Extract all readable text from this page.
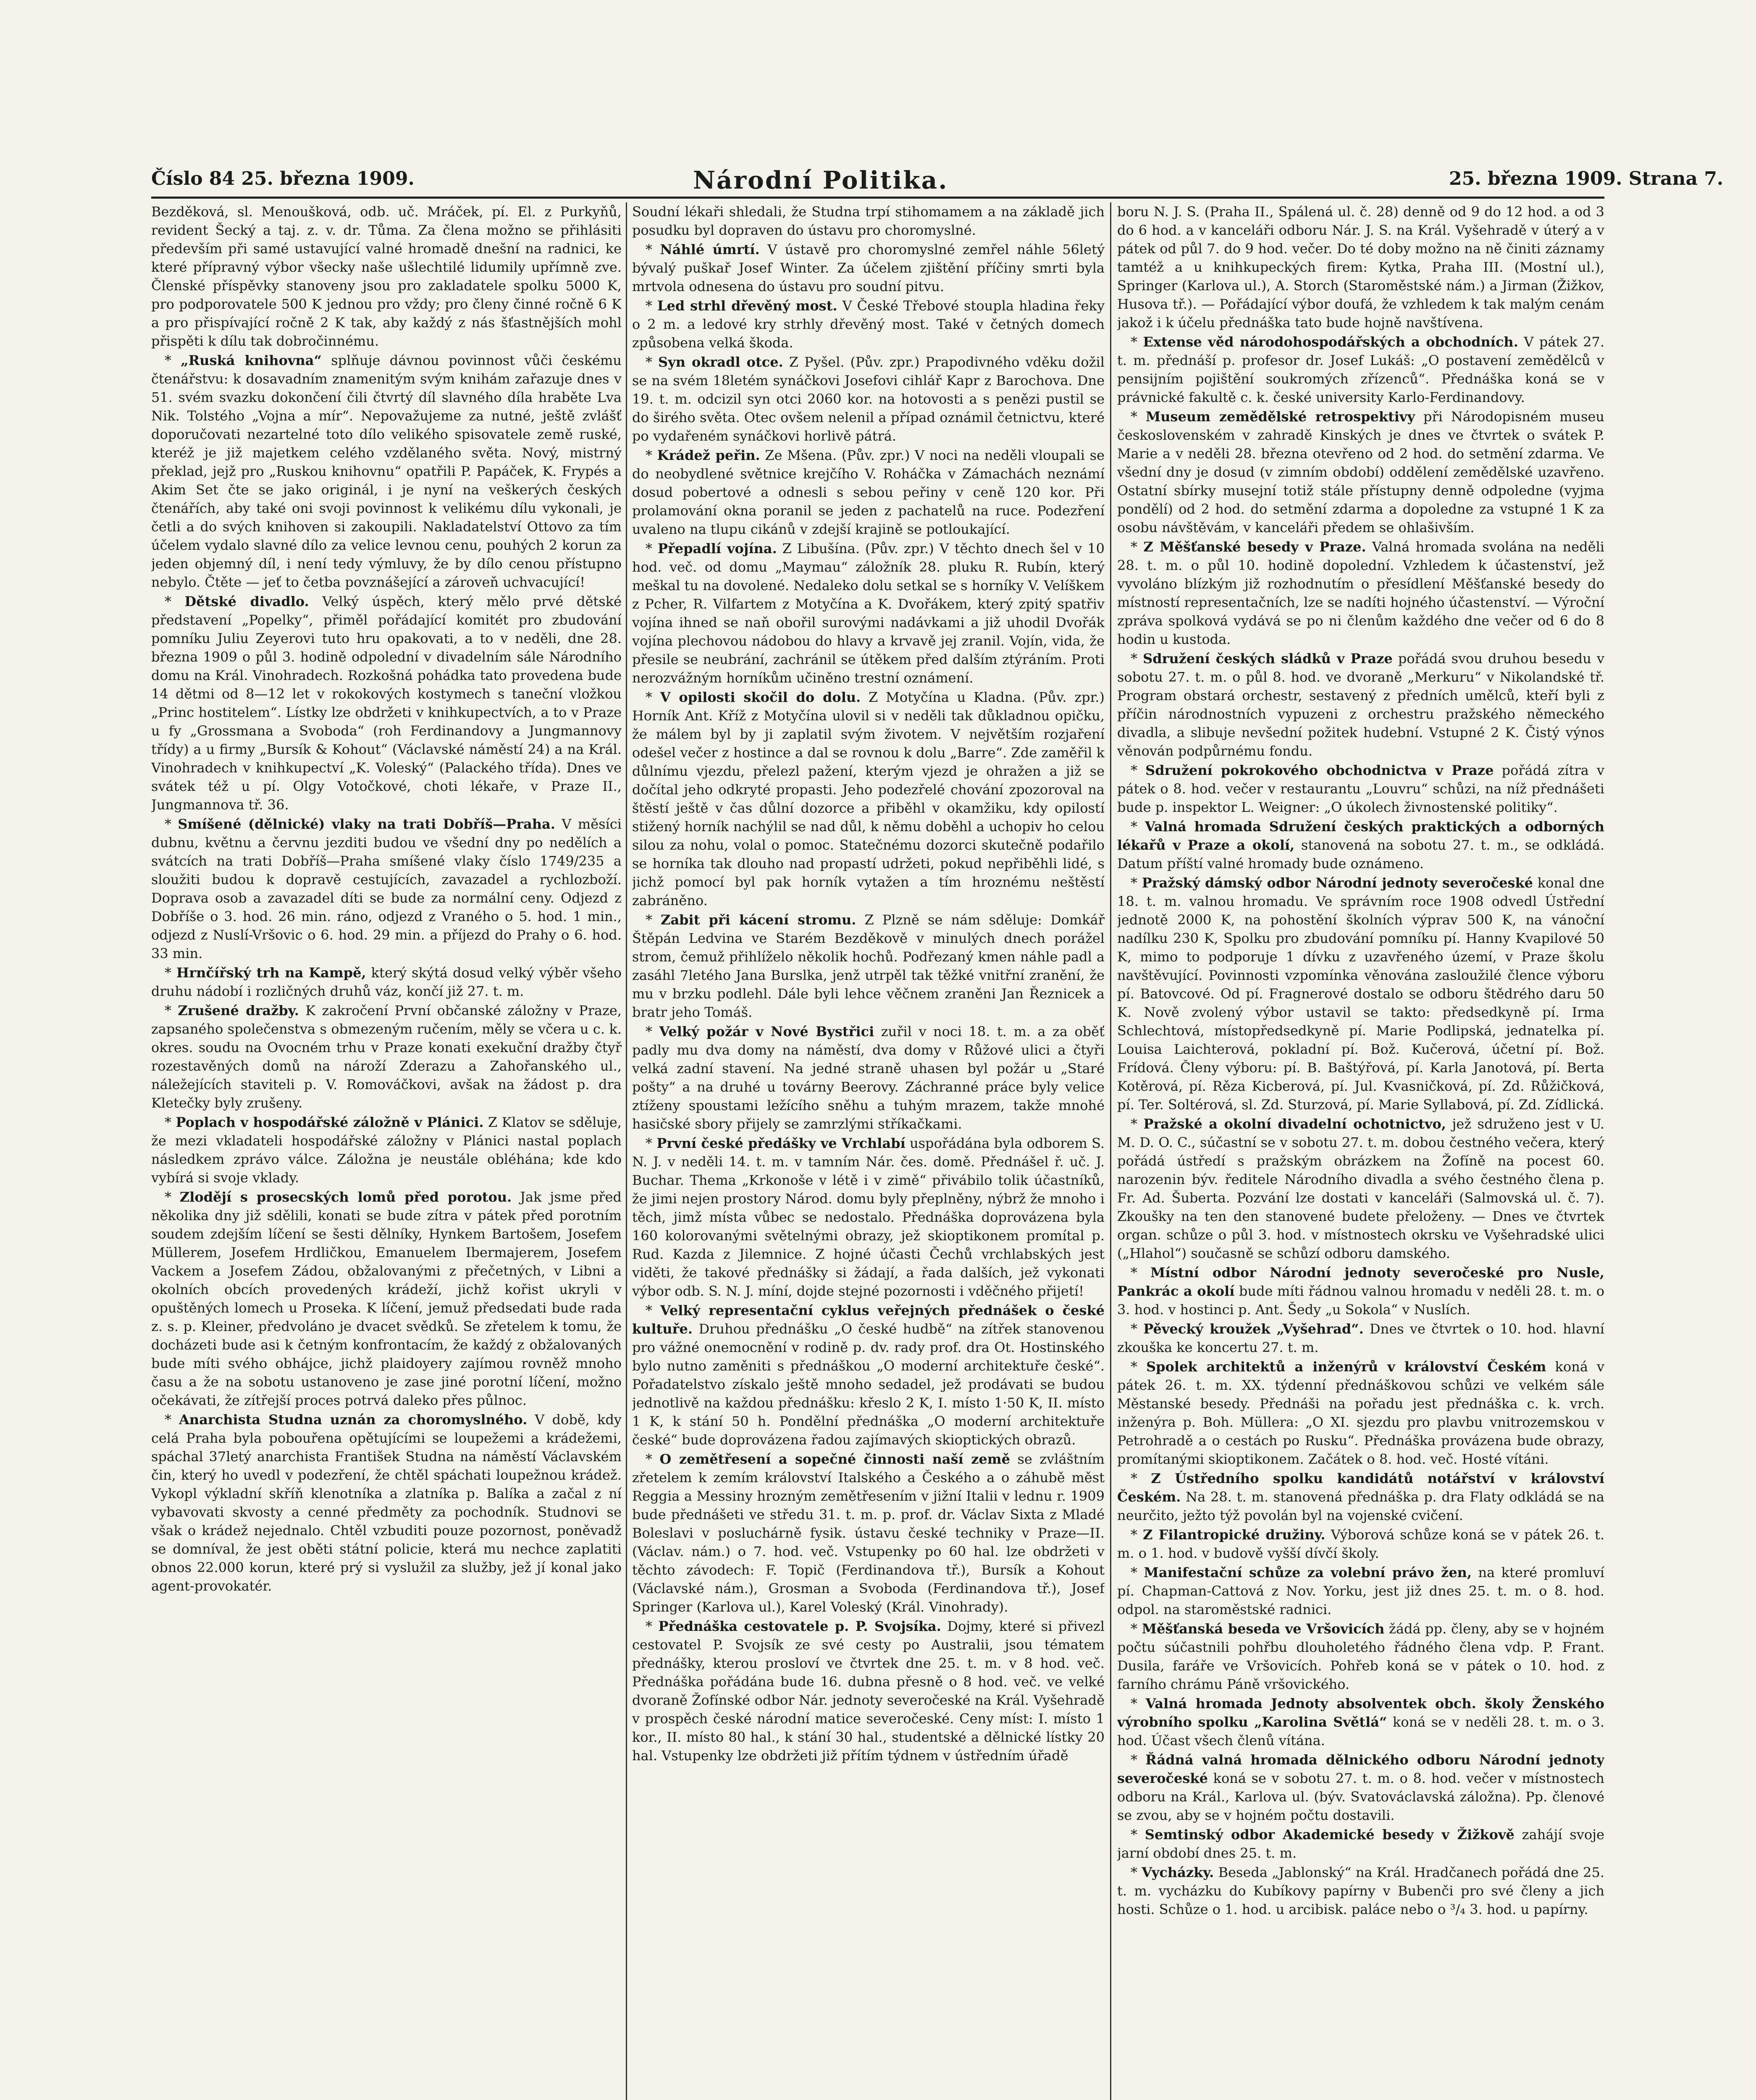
Číslo 84 25. března 1909.	Národní Politika.	25. března 1909. Strana 7.

Bezděková, sl. Menoušková, odb. uč. Mráček, pí. El. z Purkyňů, revident Šecký a taj. z. v. dr. Tůma. Za člena možno se přihlásiti především při samé ustavující valné hromadě dnešní na radnici, ke které přípravný výbor všecky naše ušlechtilé lidumily upřímně zve. Členské příspěvky stanoveny jsou pro zakladatele spolku 5000 K, pro podporovatele 500 K jednou pro vždy; pro členy činné ročně 6 K a pro přispívající ročně 2 K tak, aby každý z nás šťastnějších mohl přispěti k dílu tak dobročinnému.

* „Ruská knihovna“ splňuje dávnou povinnost vůči českému čtenářstvu: k dosavadním znamenitým svým knihám zařazuje dnes v 51. svém svazku dokončení čili čtvrtý díl slavného díla hraběte Lva Nik. Tolstého „Vojna a mír“. Nepovažujeme za nutné, ještě zvlášť doporučovati nezartelné toto dílo velikého spisovatele země ruské, kteréž je již majetkem celého vzdělaného světa. Nový, mistrný překlad, jejž pro „Ruskou knihovnu“ opatřili P. Papáček, K. Frypés a Akim Set čte se jako originál, i je nyní na veškerých českých čtenářích, aby také oni svoji povinnost k velikému dílu vykonali, je četli a do svých knihoven si zakoupili. Nakladatelství Ottovo za tím účelem vydalo slavné dílo za velice levnou cenu, pouhých 2 korun za jeden objemný díl, i není tedy výmluvy, že by dílo cenou přístupno nebylo. Čtěte — jeť to četba povznášející a zároveň uchvacující!

* Dětské divadlo. Velký úspěch, který mělo prvé dětské představení „Popelky“, přiměl pořádající komitét pro zbudování pomníku Juliu Zeyerovi tuto hru opakovati, a to v neděli, dne 28. března 1909 o půl 3. hodině odpolední v divadelním sále Národního domu na Král. Vinohradech. Rozkošná pohádka tato provedena bude 14 dětmi od 8—12 let v rokokových kostymech s taneční vložkou „Princ hostitelem“. Lístky lze obdržeti v knihkupectvích, a to v Praze u fy „Grossmana a Svoboda“ (roh Ferdinandovy a Jungmannovy třídy) a u firmy „Bursík & Kohout“ (Václavské náměstí 24) a na Král. Vinohradech v knihkupectví „K. Voleský“ (Palackého třída). Dnes ve svátek též u pí. Olgy Votočkové, choti lékaře, v Praze II., Jungmannova tř. 36.

* Smíšené (dělnické) vlaky na trati Dobříš—Praha. V měsíci dubnu, květnu a červnu jezditi budou ve všední dny po nedělích a svátcích na trati Dobříš—Praha smíšené vlaky číslo 1749/235 a sloužiti budou k dopravě cestujících, zavazadel a rychlozboží. Doprava osob a zavazadel díti se bude za normální ceny. Odjezd z Dobříše o 3. hod. 26 min. ráno, odjezd z Vraného o 5. hod. 1 min., odjezd z Nuslí-Vršovic o 6. hod. 29 min. a příjezd do Prahy o 6. hod. 33 min.

* Hrnčířský trh na Kampě, který skýtá dosud velký výběr všeho druhu nádobí i rozličných druhů váz, končí již 27. t. m.

* Zrušené dražby. K zakročení První občanské záložny v Praze, zapsaného společenstva s obmezeným ručením, měly se včera u c. k. okres. soudu na Ovocném trhu v Praze konati exekuční dražby čtyř rozestavěných domů na nároží Zderazu a Zahořanského ul., náležejících staviteli p. V. Romováčkovi, avšak na žádost p. dra Kletečky byly zrušeny.

* Poplach v hospodářské záložně v Plánici. Z Klatov se sděluje, že mezi vkladateli hospodářské záložny v Plánici nastal poplach následkem zprávo válce. Záložna je neustále obléhána; kde kdo vybírá si svoje vklady.

* Zlodějí s prosecských lomů před porotou. Jak jsme před několika dny již sdělili, konati se bude zítra v pátek před porotním soudem zdejším líčení se šesti dělníky, Hynkem Bartošem, Josefem Müllerem, Josefem Hrdličkou, Emanuelem Ibermajerem, Josefem Vackem a Josefem Zádou, obžalovanými z přečetných, v Libni a okolních obcích provedených krádeží, jichž kořist ukryli v opuštěných lomech u Proseka. K líčení, jemuž předsedati bude rada z. s. p. Kleiner, předvoláno je dvacet svědků. Se zřetelem k tomu, že docházeti bude asi k četným konfrontacím, že každý z obžalovaných bude míti svého obhájce, jichž plaidoyery zajímou rovněž mnoho času a že na sobotu ustanoveno je zase jiné porotní líčení, možno očekávati, že zítřejší proces potrvá daleko přes půlnoc.

* Anarchista Studna uznán za choromyslného. V době, kdy celá Praha byla pobouřena opětujícími se loupežemi a krádežemi, spáchal 37letý anarchista František Studna na náměstí Václavském čin, který ho uvedl v podezření, že chtěl spáchati loupežnou krádež. Vykopl výkladní skříň klenotníka a zlatníka p. Balíka a začal z ní vybavovati skvosty a cenné předměty za pochodník. Studnovi se však o krádež nejednalo. Chtěl vzbuditi pouze pozornost, poněvadž se domníval, že jest oběti státní policie, která mu nechce zaplatiti obnos 22.000 korun, které prý si vyslužil za služby, jež jí konal jako agent-provokatér.

Soudní lékaři shledali, že Studna trpí stihomamem a na základě jich posudku byl dopraven do ústavu pro choromyslné.

* Náhlé úmrtí. V ústavě pro choromyslné zemřel náhle 56letý bývalý puškař Josef Winter. Za účelem zjištění příčiny smrti byla mrtvola odnesena do ústavu pro soudní pitvu.

* Led strhl dřevěný most. V České Třebové stoupla hladina řeky o 2 m. a ledové kry strhly dřevěný most. Také v četných domech způsobena velká škoda.

* Syn okradl otce. Z Pyšel. (Pův. zpr.) Prapodivného vděku dožil se na svém 18letém synáčkovi Josefovi cihlář Kapr z Barochova. Dne 19. t. m. odcizil syn otci 2060 kor. na hotovosti a s penězi pustil se do širého světa. Otec ovšem nelenil a případ oznámil četnictvu, které po vydařeném synáčkovi horlivě pátrá.

* Krádež peřin. Ze Mšena. (Pův. zpr.) V noci na neděli vloupali se do neobydlené světnice krejčího V. Roháčka v Zámachách neznámí dosud pobertové a odnesli s sebou peřiny v ceně 120 kor. Při prolamování okna poranil se jeden z pachatelů na ruce. Podezření uvaleno na tlupu cikánů v zdejší krajině se potloukající.

* Přepadlí vojína. Z Libušína. (Pův. zpr.) V těchto dnech šel v 10 hod. več. od domu „Maymau“ záložník 28. pluku R. Rubín, který meškal tu na dovolené. Nedaleko dolu setkal se s horníky V. Velíškem z Pcher, R. Vilfartem z Motyčína a K. Dvořákem, který zpitý spatřiv vojína ihned se naň obořil surovými nadávkami a již uhodil Dvořák vojína plechovou nádobou do hlavy a krvavě jej zranil. Vojín, vida, že přesile se neubrání, zachránil se útěkem před dalším ztýráním. Proti nerozvážným horníkům učiněno trestní oznámení.

* V opilosti skočil do dolu. Z Motyčína u Kladna. (Pův. zpr.) Horník Ant. Kříž z Motyčína ulovil si v neděli tak důkladnou opičku, že málem byl by ji zaplatil svým životem. V největším rozjaření odešel večer z hostince a dal se rovnou k dolu „Barre“. Zde zaměřil k důlnímu vjezdu, přelezl pažení, kterým vjezd je ohražen a již se dočítal jeho odkryté propasti. Jeho podezřelé chování zpozoroval na štěstí ještě v čas důlní dozorce a přiběhl v okamžiku, kdy opilostí stižený horník nachýlil se nad důl, k němu doběhl a uchopiv ho celou silou za nohu, volal o pomoc. Statečnému dozorci skutečně podařilo se horníka tak dlouho nad propastí udržeti, pokud nepřiběhli lidé, s jichž pomocí byl pak horník vytažen a tím hroznému neštěstí zabráněno.

* Zabit při kácení stromu. Z Plzně se nám sděluje: Domkář Štěpán Ledvina ve Starém Bezděkově v minulých dnech porážel strom, čemuž přihlíželo několik hochů. Podřezaný kmen náhle padl a zasáhl 7letého Jana Burslka, jenž utrpěl tak těžké vnitřní zranění, že mu v brzku podlehl. Dále byli lehce věčnem zraněni Jan Řeznicek a bratr jeho Tomáš.

* Velký požár v Nové Bystřici zuřil v noci 18. t. m. a za oběť padly mu dva domy na náměstí, dva domy v Růžové ulici a čtyři velká zadní stavení. Na jedné straně uhasen byl požár u „Staré pošty“ a na druhé u továrny Beerovy. Záchranné práce byly velice ztíženy spoustami ležícího sněhu a tuhým mrazem, takže mnohé hasičské sbory přijely se zamrzlými stříkačkami.

* První české předášky ve Vrchlabí uspořádána byla odborem S. N. J. v neděli 14. t. m. v tamním Nár. čes. domě. Přednášel ř. uč. J. Buchar. Thema „Krkonoše v létě i v zimě“ přivábilo tolik účastníků, že jimi nejen prostory Národ. domu byly přeplněny, nýbrž že mnoho i těch, jimž místa vůbec se nedostalo. Přednáška doprovázena byla 160 kolorovanými světelnými obrazy, jež skioptikonem promítal p. Rud. Kazda z Jilemnice. Z hojné účasti Čechů vrchlabských jest viděti, že takové přednášky si žádají, a řada dalších, jež vykonati výbor odb. S. N. J. míní, dojde stejné pozornosti i vděčného přijetí!

* Velký representační cyklus veřejných přednášek o české kultuře. Druhou přednášku „O české hudbě“ na zítřek stanovenou pro vážné onemocnění v rodině p. dv. rady prof. dra Ot. Hostinského bylo nutno zaměniti s přednáškou „O moderní architektuře české“. Pořadatelstvo získalo ještě mnoho sedadel, jež prodávati se budou jednotlivě na každou přednášku: křeslo 2 K, I. místo 1·50 K, II. místo 1 K, k stání 50 h. Pondělní přednáška „O moderní architektuře české“ bude doprovázena řadou zajímavých skioptických obrazů.

* O zemětřesení a sopečné činnosti naší země se zvláštním zřetelem k zemím království Italského a Českého a o záhubě měst Reggia a Messiny hrozným zemětřesením v jižní Italii v lednu r. 1909 bude přednášeti ve středu 31. t. m. p. prof. dr. Václav Sixta z Mladé Boleslavi v posluchárně fysik. ústavu české techniky v Praze—II. (Václav. nám.) o 7. hod. več. Vstupenky po 60 hal. lze obdržeti v těchto závodech: F. Topič (Ferdinandova tř.), Bursík a Kohout (Václavské nám.), Grosman a Svoboda (Ferdinandova tř.), Josef Springer (Karlova ul.), Karel Voleský (Král. Vinohrady).

* Přednáška cestovatele p. P. Svojsíka. Dojmy, které si přivezl cestovatel P. Svojsík ze své cesty po Australii, jsou tématem přednášky, kterou prosloví ve čtvrtek dne 25. t. m. v 8 hod. več. Přednáška pořádána bude 16. dubna přesně o 8 hod. več. ve velké dvoraně Žofínské odbor Nár. jednoty severočeské na Král. Vyšehradě v prospěch české národní matice severočeské. Ceny míst: I. místo 1 kor., II. místo 80 hal., k stání 30 hal., studentské a dělnické lístky 20 hal. Vstupenky lze obdržeti již přítím týdnem v ústředním úřadě

boru N. J. S. (Praha II., Spálená ul. č. 28) denně od 9 do 12 hod. a od 3 do 6 hod. a v kanceláři odboru Nár. J. S. na Král. Vyšehradě v úterý a v pátek od půl 7. do 9 hod. večer. Do té doby možno na ně činiti záznamy tamtéž a u knihkupeckých firem: Kytka, Praha III. (Mostní ul.), Springer (Karlova ul.), A. Storch (Staroměstské nám.) a Jirman (Žižkov, Husova tř.). — Pořádající výbor doufá, že vzhledem k tak malým cenám jakož i k účelu přednáška tato bude hojně navštívena.

* Extense věd národohospodářských a obchodních. V pátek 27. t. m. přednáší p. profesor dr. Josef Lukáš: „O postavení zemědělců v pensijním pojištění soukromých zřízenců“. Přednáška koná se v právnické fakultě c. k. české university Karlo-Ferdinandovy.

* Museum zemědělské retrospektivy při Národopisném museu československém v zahradě Kinských je dnes ve čtvrtek o svátek P. Marie a v neděli 28. března otevřeno od 2 hod. do setmění zdarma. Ve všední dny je dosud (v zimním období) oddělení zemědělské uzavřeno. Ostatní sbírky musejní totiž stále přístupny denně odpoledne (vyjma pondělí) od 2 hod. do setmění zdarma a dopoledne za vstupné 1 K za osobu návštěvám, v kanceláři předem se ohlašivším.

* Z Měšťanské besedy v Praze. Valná hromada svolána na neděli 28. t. m. o půl 10. hodině dopolední. Vzhledem k účastenství, jež vyvoláno blízkým již rozhodnutím o přesídlení Měšťanské besedy do místností representačních, lze se nadíti hojného účastenství. — Výroční zpráva spolková vydává se po ni členům každého dne večer od 6 do 8 hodin u kustoda.

* Sdružení českých sládků v Praze pořádá svou druhou besedu v sobotu 27. t. m. o půl 8. hod. ve dvoraně „Merkuru“ v Nikolandské tř. Program obstará orchestr, sestavený z předních umělců, kteří byli z příčin národnostních vypuzeni z orchestru pražského německého divadla, a slibuje nevšední požitek hudební. Vstupné 2 K. Čistý výnos věnován podpůrnému fondu.

* Sdružení pokrokového obchodnictva v Praze pořádá zítra v pátek o 8. hod. večer v restaurantu „Louvru“ schůzi, na níž přednášeti bude p. inspektor L. Weigner: „O úkolech živnostenské politiky“.

* Valná hromada Sdružení českých praktických a odborných lékařů v Praze a okolí, stanovená na sobotu 27. t. m., se odkládá. Datum příští valné hromady bude oznámeno.

* Pražský dámský odbor Národní jednoty severočeské konal dne 18. t. m. valnou hromadu. Ve správním roce 1908 odvedl Ústřední jednotě 2000 K, na pohostění školních výprav 500 K, na vánoční nadílku 230 K, Spolku pro zbudování pomníku pí. Hanny Kvapilové 50 K, mimo to podporuje 1 dívku z uzavřeného území, v Praze školu navštěvující. Povinnosti vzpomínka věnována zasloužilé člence výboru pí. Batovcové. Od pí. Fragnerové dostalo se odboru štědrého daru 50 K. Nově zvolený výbor ustavil se takto: předsedkyně pí. Irma Schlechtová, místopředsedkyně pí. Marie Podlipská, jednatelka pí. Louisa Laichterová, pokladní pí. Bož. Kučerová, účetní pí. Bož. Frídová. Členy výboru: pí. B. Baštýřová, pí. Karla Janotová, pí. Berta Kotěrová, pí. Rěza Kicberová, pí. Jul. Kvasničková, pí. Zd. Růžičková, pí. Ter. Soltérová, sl. Zd. Sturzová, pí. Marie Syllabová, pí. Zd. Zídlická.

* Pražské a okolní divadelní ochotnictvo, jež sdruženo jest v U. M. D. O. C., súčastní se v sobotu 27. t. m. dobou čestného večera, který pořádá ústředí s pražským obrázkem na Žofíně na pocest 60. narozenin býv. ředitele Národního divadla a svého čestného člena p. Fr. Ad. Šuberta. Pozvání lze dostati v kanceláři (Salmovská ul. č. 7). Zkoušky na ten den stanovené budete přeloženy. — Dnes ve čtvrtek organ. schůze o půl 3. hod. v místnostech okrsku ve Vyšehradské ulici („Hlahol“) současně se schůzí odboru damského.

* Místní odbor Národní jednoty severočeské pro Nusle, Pankrác a okolí bude míti řádnou valnou hromadu v neděli 28. t. m. o 3. hod. v hostinci p. Ant. Šedy „u Sokola“ v Nuslích.

* Pěvecký kroužek „Vyšehrad“. Dnes ve čtvrtek o 10. hod. hlavní zkouška ke koncertu 27. t. m.

* Spolek architektů a inženýrů v království Českém koná v pátek 26. t. m. XX. týdenní přednáškovou schůzi ve velkém sále Městanské besedy. Přednáši na pořadu jest přednáška c. k. vrch. inženýra p. Boh. Müllera: „O XI. sjezdu pro plavbu vnitrozemskou v Petrohradě a o cestách po Rusku“. Přednáška provázena bude obrazy, promítanými skioptikonem. Začátek o 8. hod. več. Hosté vítáni.

* Z Ústředního spolku kandidátů notářství v království Českém. Na 28. t. m. stanovená přednáška p. dra Flaty odkládá se na neurčito, ježto týž povolán byl na vojenské cvičení.

* Z Filantropické družiny. Výborová schůze koná se v pátek 26. t. m. o 1. hod. v budově vyšší dívčí školy.

* Manifestační schůze za volební právo žen, na které promluví pí. Chapman-Cattová z Nov. Yorku, jest již dnes 25. t. m. o 8. hod. odpol. na staroměstské radnici.

* Měšťanská beseda ve Vršovicích žádá pp. členy, aby se v hojném počtu súčastnili pohřbu dlouholetého řádného člena vdp. P. Frant. Dusila, faráře ve Vršovicích. Pohřeb koná se v pátek o 10. hod. z farního chrámu Páně vršovického.

* Valná hromada Jednoty absolventek obch. školy Ženského výrobního spolku „Karolina Světlá“ koná se v neděli 28. t. m. o 3. hod. Účast všech členů vítána.

* Řádná valná hromada dělnického odboru Národní jednoty severočeské koná se v sobotu 27. t. m. o 8. hod. večer v místnostech odboru na Král., Karlova ul. (býv. Svatováclavská záložna). Pp. členové se zvou, aby se v hojném počtu dostavili.

* Semtinský odbor Akademické besedy v Žižkově zahájí svoje jarní období dnes 25. t. m.

* Vycházky. Beseda „Jablonský“ na Král. Hradčanech pořádá dne 25. t. m. vycházku do Kubíkovy papírny v Bubenči pro své členy a jich hosti. Schůze o 1. hod. u arcibisk. paláce nebo o ³/₄ 3. hod. u papírny.
